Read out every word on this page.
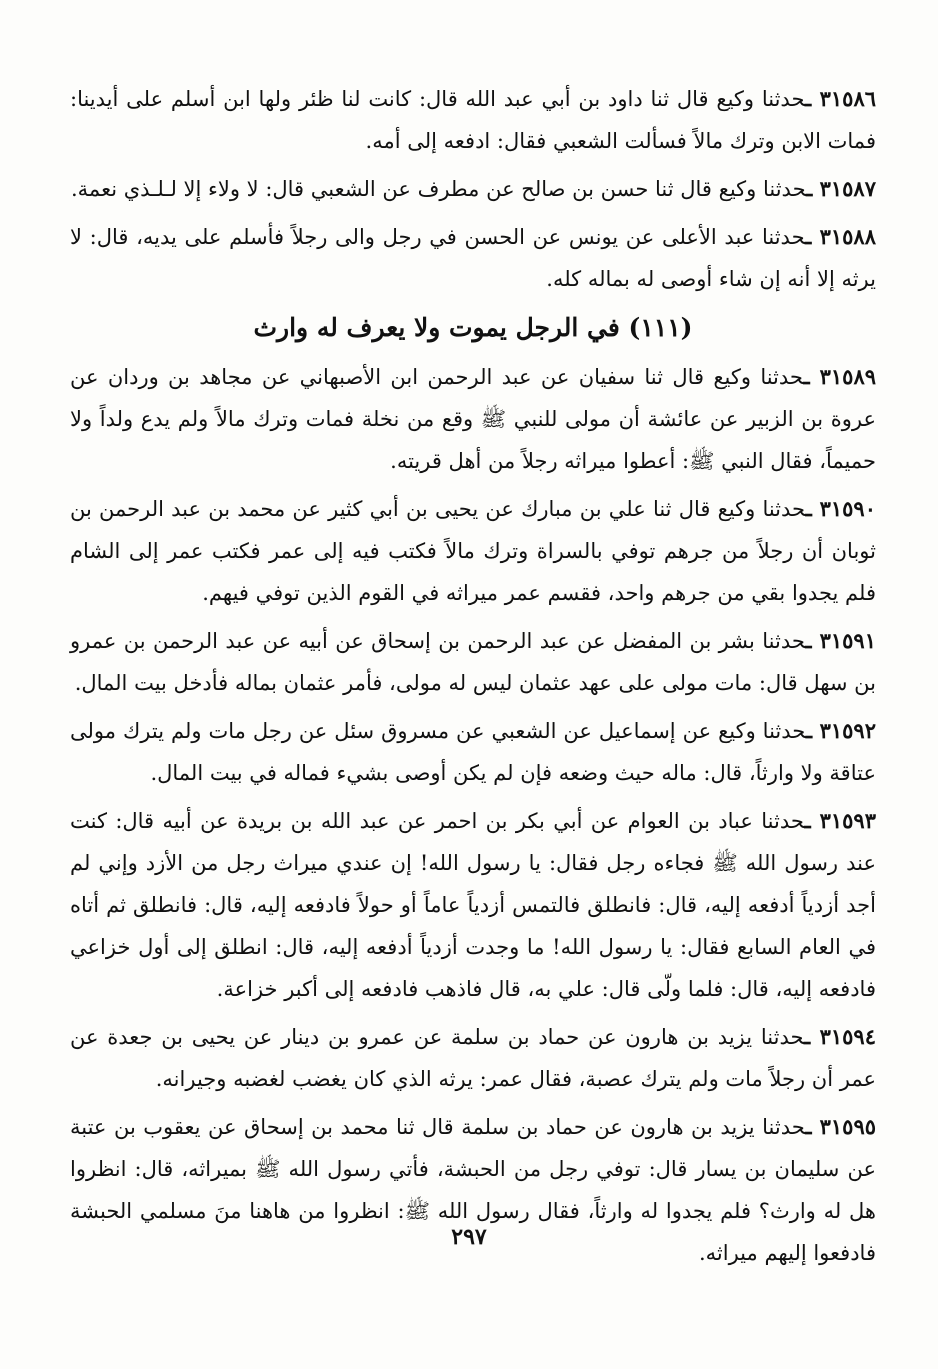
٣١٥٨٦ ـحدثنا وكيع قال ثنا داود بن أبي عبد الله قال: كانت لنا ظئر ولها ابن أسلم على أيدينا: فمات الابن وترك مالاً فسألت الشعبي فقال: ادفعه إلى أمه.

٣١٥٨٧ ـحدثنا وكيع قال ثنا حسن بن صالح عن مطرف عن الشعبي قال: لا ولاء إلا لـلـذي نعمة.

٣١٥٨٨ ـحدثنا عبد الأعلى عن يونس عن الحسن في رجل والى رجلاً فأسلم على يديه، قال: لا يرثه إلا أنه إن شاء أوصى له بماله كله.

(١١١) في الرجل يموت ولا يعرف له وارث

٣١٥٨٩ ـحدثنا وكيع قال ثنا سفيان عن عبد الرحمن ابن الأصبهاني عن مجاهد بن وردان عن عروة بن الزبير عن عائشة أن مولى للنبي ﷺ وقع من نخلة فمات وترك مالاً ولم يدع ولداً ولا حميماً، فقال النبي ﷺ: أعطوا ميراثه رجلاً من أهل قريته.

٣١٥٩٠ ـحدثنا وكيع قال ثنا علي بن مبارك عن يحيى بن أبي كثير عن محمد بن عبد الرحمن بن ثوبان أن رجلاً من جرهم توفي بالسراة وترك مالاً فكتب فيه إلى عمر فكتب عمر إلى الشام فلم يجدوا بقي من جرهم واحد، فقسم عمر ميراثه في القوم الذين توفي فيهم.

٣١٥٩١ ـحدثنا بشر بن المفضل عن عبد الرحمن بن إسحاق عن أبيه عن عبد الرحمن بن عمرو بن سهل قال: مات مولى على عهد عثمان ليس له مولى، فأمر عثمان بماله فأدخل بيت المال.

٣١٥٩٢ ـحدثنا وكيع عن إسماعيل عن الشعبي عن مسروق سئل عن رجل مات ولم يترك مولى عتاقة ولا وارثاً، قال: ماله حيث وضعه فإن لم يكن أوصى بشيء فماله في بيت المال.

٣١٥٩٣ ـحدثنا عباد بن العوام عن أبي بكر بن احمر عن عبد الله بن بريدة عن أبيه قال: كنت عند رسول الله ﷺ فجاءه رجل فقال: يا رسول الله! إن عندي ميراث رجل من الأزد وإني لم أجد أزدياً أدفعه إليه، قال: فانطلق فالتمس أزدياً عاماً أو حولاً فادفعه إليه، قال: فانطلق ثم أتاه في العام السابع فقال: يا رسول الله! ما وجدت أزدياً أدفعه إليه، قال: انطلق إلى أول خزاعي فادفعه إليه، قال: فلما ولّى قال: علي به، قال فاذهب فادفعه إلى أكبر خزاعة.

٣١٥٩٤ ـحدثنا يزيد بن هارون عن حماد بن سلمة عن عمرو بن دينار عن يحيى بن جعدة عن عمر أن رجلاً مات ولم يترك عصبة، فقال عمر: يرثه الذي كان يغضب لغضبه وجيرانه.

٣١٥٩٥ ـحدثنا يزيد بن هارون عن حماد بن سلمة قال ثنا محمد بن إسحاق عن يعقوب بن عتبة عن سليمان بن يسار قال: توفي رجل من الحبشة، فأتي رسول الله ﷺ بميراثه، قال: انظروا هل له وارث؟ فلم يجدوا له وارثاً، فقال رسول الله ﷺ: انظروا من هاهنا منَ مسلمي الحبشة فادفعوا إليهم ميراثه.

٢٩٧
